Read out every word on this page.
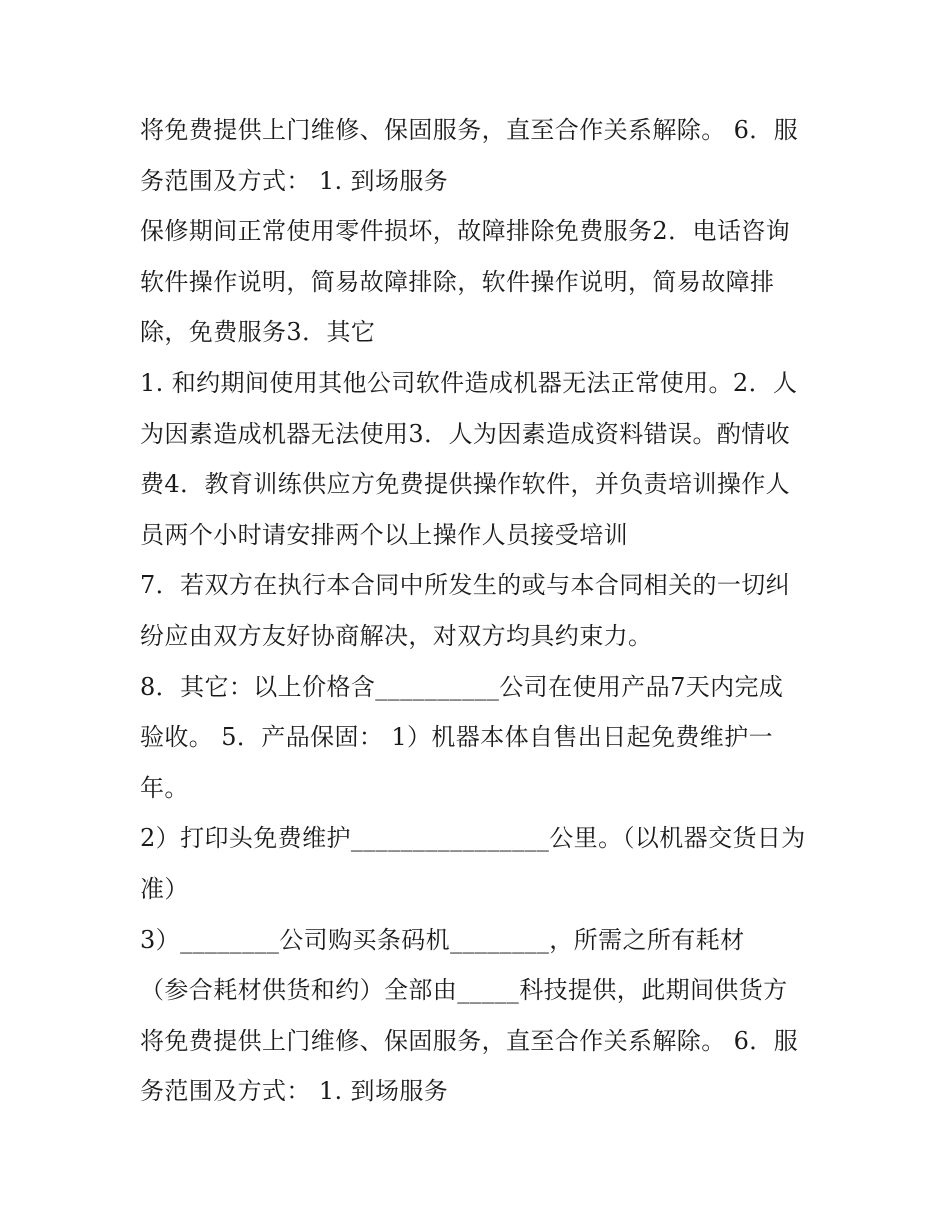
将免费提供上门维修、保固服务，直至合作关系解除。 6．服
务范围及方式： 1. 到场服务
保修期间正常使用零件损坏，故障排除免费服务2．电话咨询
软件操作说明，简易故障排除，软件操作说明，简易故障排
除，免费服务3．其它
1. 和约期间使用其他公司软件造成机器无法正常使用。2．人
为因素造成机器无法使用3．人为因素造成资料错误。酌情收
费4．教育训练供应方免费提供操作软件，并负责培训操作人
员两个小时请安排两个以上操作人员接受培训
7．若双方在执行本合同中所发生的或与本合同相关的一切纠
纷应由双方友好协商解决，对双方均具约束力。
8．其它：以上价格含__________公司在使用产品7天内完成
验收。 5．产品保固： 1）机器本体自售出日起免费维护一
年。
2）打印头免费维护________________公里。（以机器交货日为
准）
3）________公司购买条码机________，所需之所有耗材
（参合耗材供货和约）全部由_____科技提供，此期间供货方
将免费提供上门维修、保固服务，直至合作关系解除。 6．服
务范围及方式： 1. 到场服务
